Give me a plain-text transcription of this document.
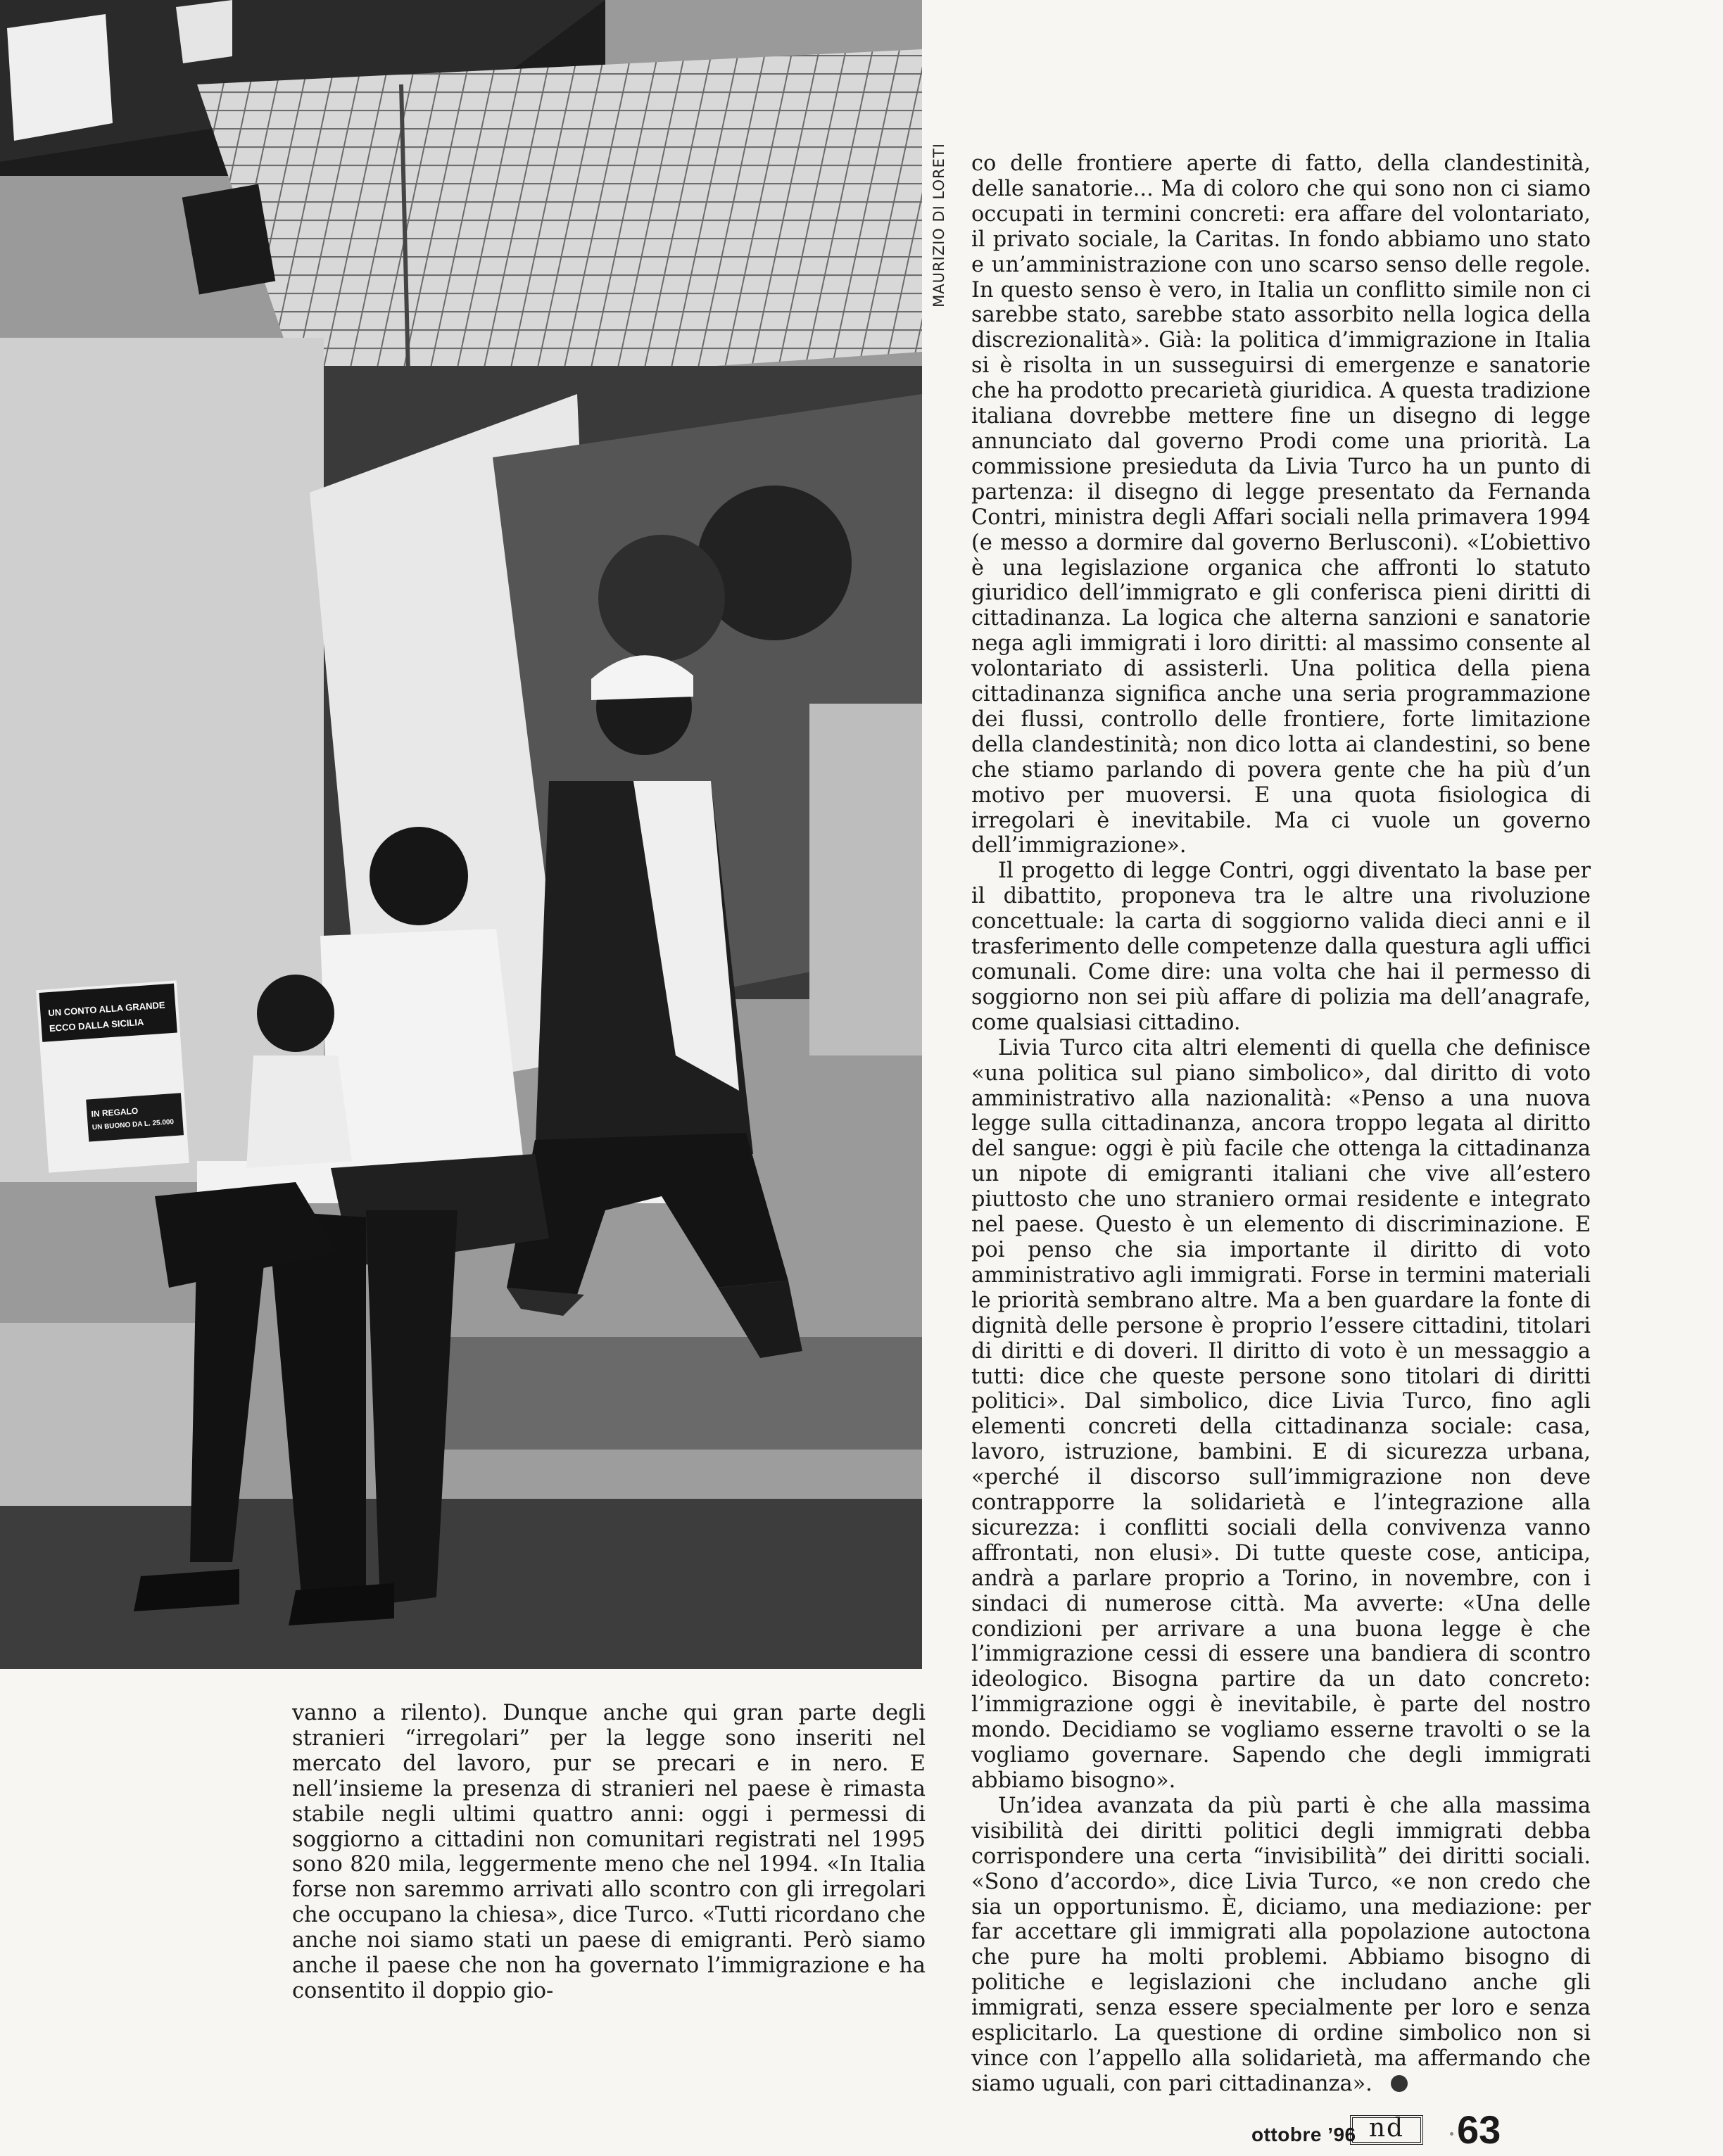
UN CONTO ALLA GRANDE
ECCO DALLA SICILIA
IN REGALO
UN BUONO DA L. 25.000
MAURIZIO DI LORETI co delle frontiere aperte di fatto, della clandestinità, delle sanatorie... Ma di coloro che qui sono non ci siamo occupati in termini concreti: era affare del volontariato, il privato sociale, la Caritas. In fondo abbiamo uno stato e un’amministrazione con uno scarso senso delle regole. In questo senso è vero, in Italia un conflitto simile non ci sarebbe stato, sarebbe stato assorbito nella logica della discrezionalità». Già: la politica d’immigrazione in Italia si è risolta in un susseguirsi di emergenze e sanatorie che ha prodotto precarietà giuridica. A questa tradizione italiana dovrebbe mettere fine un disegno di legge annunciato dal governo Prodi come una priorità. La commissione presieduta da Livia Turco ha un punto di partenza: il disegno di legge presentato da Fernanda Contri, ministra degli Affari sociali nella primavera 1994 (e messo a dormire dal governo Berlusconi). «L’obiettivo è una legislazione organica che affronti lo statuto giuridico dell’immigrato e gli conferisca pieni diritti di cittadinanza. La logica che alterna sanzioni e sanatorie nega agli immigrati i loro diritti: al massimo consente al volontariato di assisterli. Una politica della piena cittadinanza significa anche una seria programmazione dei flussi, controllo delle frontiere, forte limitazione della clandestinità; non dico lotta ai clandestini, so bene che stiamo parlando di povera gente che ha più d’un motivo per muoversi. E una quota fisiologica di irregolari è inevitabile. Ma ci vuole un governo dell’immigrazione».

Il progetto di legge Contri, oggi diventato la base per il dibattito, proponeva tra le altre una rivoluzione concettuale: la carta di soggiorno valida dieci anni e il trasferimento delle competenze dalla questura agli uffici comunali. Come dire: una volta che hai il permesso di soggiorno non sei più affare di polizia ma dell’anagrafe, come qualsiasi cittadino.

Livia Turco cita altri elementi di quella che definisce «una politica sul piano simbolico», dal diritto di voto amministrativo alla nazionalità: «Penso a una nuova legge sulla cittadinanza, ancora troppo legata al diritto del sangue: oggi è più facile che ottenga la cittadinanza un nipote di emigranti italiani che vive all’estero piuttosto che uno straniero ormai residente e integrato nel paese. Questo è un elemento di discriminazione. E poi penso che sia importante il diritto di voto amministrativo agli immigrati. Forse in termini materiali le priorità sembrano altre. Ma a ben guardare la fonte di dignità delle persone è proprio l’essere cittadini, titolari di diritti e di doveri. Il diritto di voto è un messaggio a tutti: dice che queste persone sono titolari di diritti politici». Dal simbolico, dice Livia Turco, fino agli elementi concreti della cittadinanza sociale: casa, lavoro, istruzione, bambini. E di sicurezza urbana, «perché il discorso sull’immigrazione non deve contrapporre la solidarietà e l’integrazione alla sicurezza: i conflitti sociali della convivenza vanno affrontati, non elusi». Di tutte queste cose, anticipa, andrà a parlare proprio a Torino, in novembre, con i sindaci di numerose città. Ma avverte: «Una delle condizioni per arrivare a una buona legge è che l’immigrazione cessi di essere una bandiera di scontro ideologico. Bisogna partire da un dato concreto: l’immigrazione oggi è inevitabile, è parte del nostro mondo. Decidiamo se vogliamo esserne travolti o se la vogliamo governare. Sapendo che degli immigrati abbiamo bisogno».

Un’idea avanzata da più parti è che alla massima visibilità dei diritti politici degli immigrati debba corrispondere una certa “invisibilità” dei diritti sociali. «Sono d’accordo», dice Livia Turco, «e non credo che sia un opportunismo. È, diciamo, una mediazione: per far accettare gli immigrati alla popolazione autoctona che pure ha molti problemi. Abbiamo bisogno di politiche e legislazioni che includano anche gli immigrati, senza essere specialmente per loro e senza esplicitarlo. La questione di ordine simbolico non si vince con l’appello alla solidarietà, ma affermando che siamo uguali, con pari cittadinanza».

vanno a rilento). Dunque anche qui gran parte degli stranieri “irregolari” per la legge sono inseriti nel mercato del lavoro, pur se precari e in nero. E nell’insieme la presenza di stranieri nel paese è rimasta stabile negli ultimi quattro anni: oggi i permessi di soggiorno a cittadini non comunitari registrati nel 1995 sono 820 mila, leggermente meno che nel 1994. «In Italia forse non saremmo arrivati allo scontro con gli irregolari che occupano la chiesa», dice Turco. «Tutti ricordano che anche noi siamo stati un paese di emigranti. Però siamo anche il paese che non ha governato l’immigrazione e ha consentito il doppio gio-

ottobre ’96 nd	63
